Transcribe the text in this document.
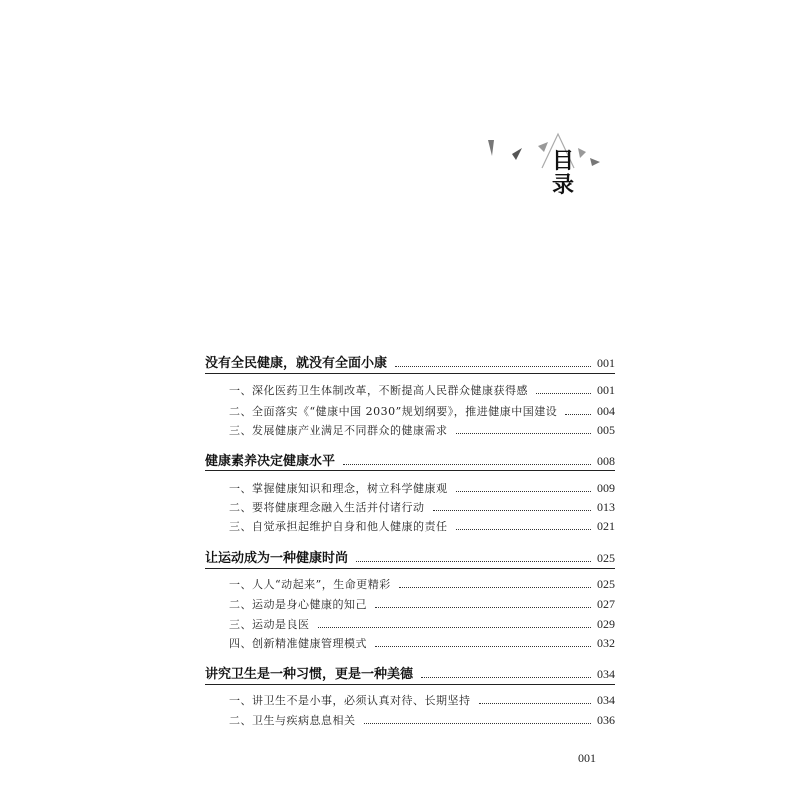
目
录
没有全民健康，就没有全面小康	001
一、深化医药卫生体制改革，不断提高人民群众健康获得感	001
二、全面落实《“健康中国 2030”规划纲要》，推进健康中国建设	004
三、发展健康产业满足不同群众的健康需求	005
健康素养决定健康水平	008
一、掌握健康知识和理念，树立科学健康观	009
二、要将健康理念融入生活并付诸行动	013
三、自觉承担起维护自身和他人健康的责任	021
让运动成为一种健康时尚	025
一、人人“动起来”，生命更精彩	025
二、运动是身心健康的知己	027
三、运动是良医	029
四、创新精准健康管理模式	032
讲究卫生是一种习惯，更是一种美德	034
一、讲卫生不是小事，必须认真对待、长期坚持	034
二、卫生与疾病息息相关	036
001
